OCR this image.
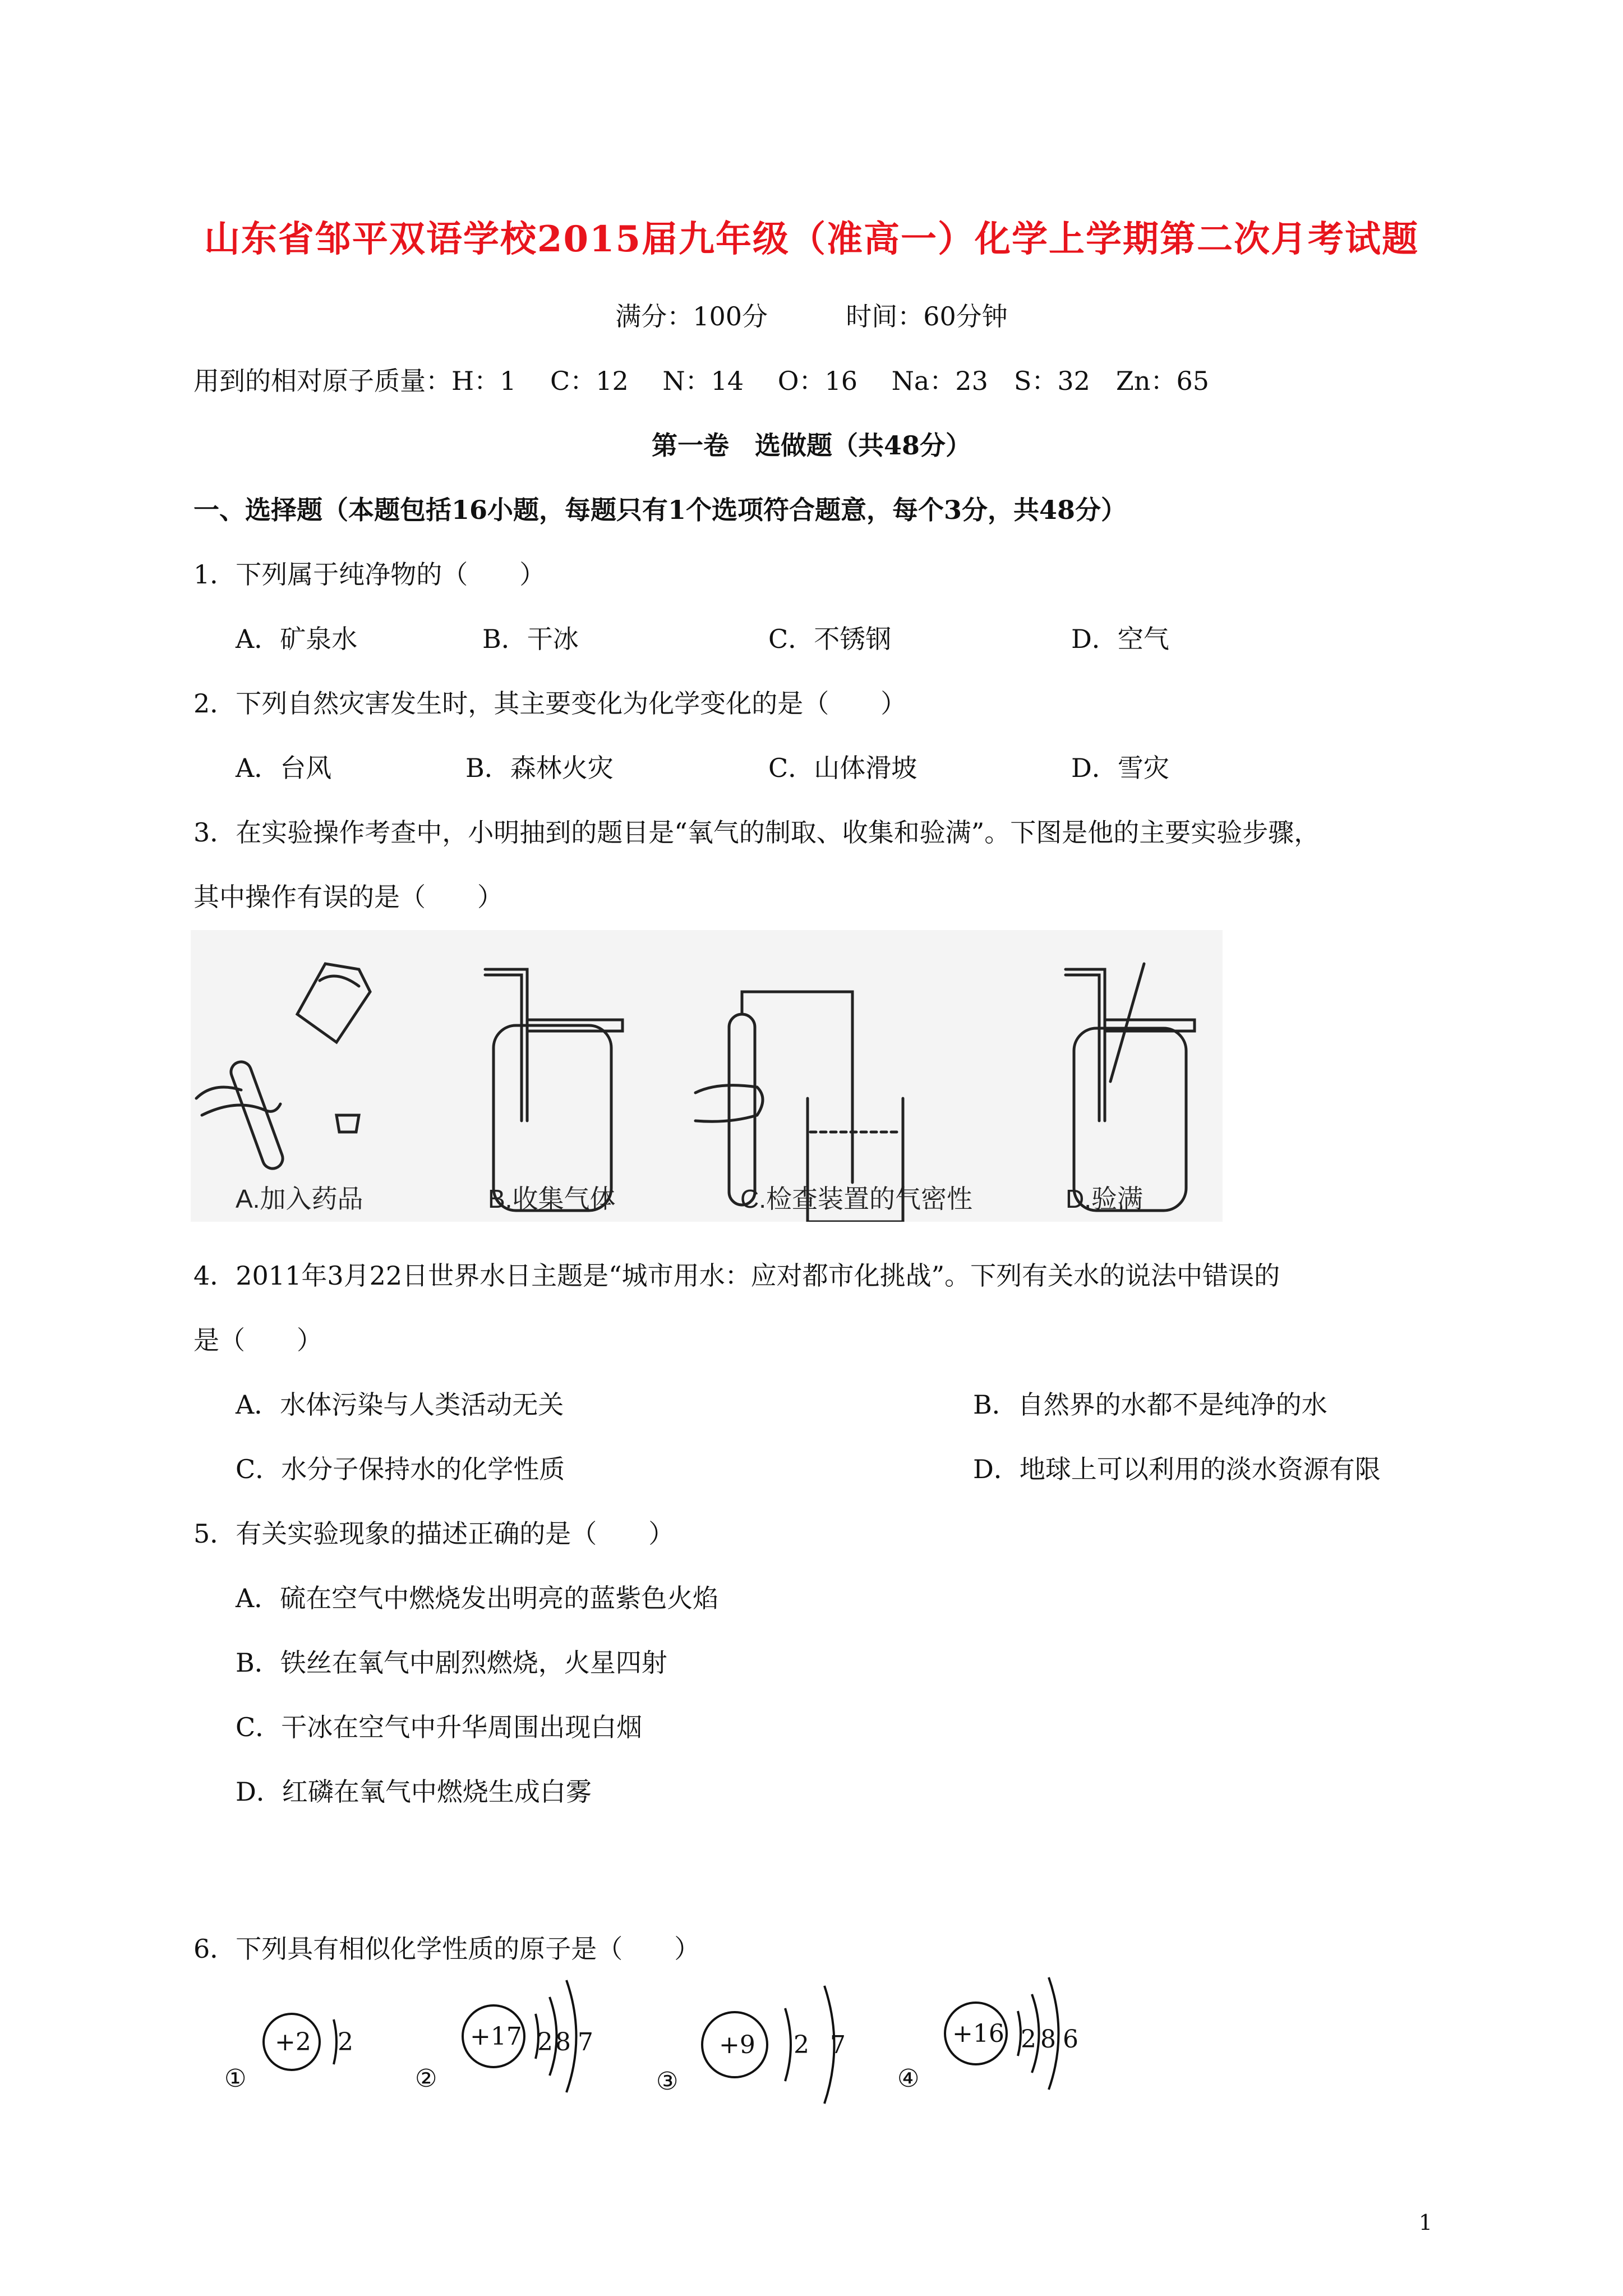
山东省邹平双语学校2015届九年级（准高一）化学上学期第二次月考试题
满分：100分	时间：60分钟
用到的相对原子质量：H：1　 C：12　 N：14　 O：16　 Na：23　S：32　Zn：65
第一卷　选做题（共48分）
一、选择题（本题包括16小题，每题只有1个选项符合题意，每个3分，共48分）
1．下列属于纯净物的（　　）
A．矿泉水	B．干冰	C．不锈钢	D．空气
2．下列自然灾害发生时，其主要变化为化学变化的是（　　）
A．台风	B．森林火灾	C．山体滑坡	D．雪灾
3．在实验操作考查中，小明抽到的题目是“氧气的制取、收集和验满”。下图是他的主要实验步骤，
其中操作有误的是（　　）
A.加入药品	B.收集气体	C.检查装置的气密性	D.验满
4．2011年3月22日世界水日主题是“城市用水：应对都市化挑战”。下列有关水的说法中错误的
是（　　）
A．水体污染与人类活动无关	B．自然界的水都不是纯净的水
C．水分子保持水的化学性质	D．地球上可以利用的淡水资源有限
5．有关实验现象的描述正确的是（　　）
A．硫在空气中燃烧发出明亮的蓝紫色火焰
B．铁丝在氧气中剧烈燃烧，火星四射
C．干冰在空气中升华周围出现白烟
D．红磷在氧气中燃烧生成白雾
6．下列具有相似化学性质的原子是（　　）
①
+2 2
②
+17 2 8 7
③
+9 2 7
④
+16 2 8 6
1
